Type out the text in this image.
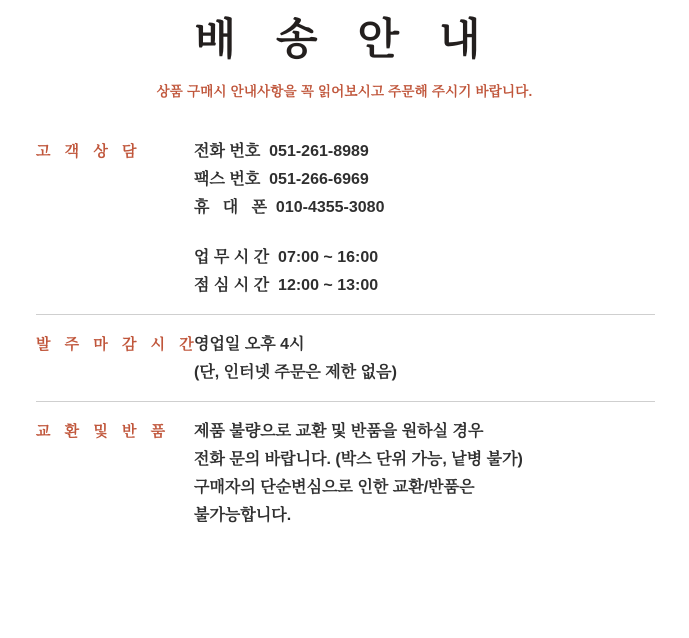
배 송 안 내
상품 구매시 안내사항을 꼭 읽어보시고 주문해 주시기 바랍니다.
고 객 상 담	전화 번호  051-261-8989
팩스 번호  051-266-6969
휴   대   폰  010-4355-3080
업 무 시 간  07:00 ~ 16:00
점 심 시 간  12:00 ~ 13:00
발 주 마 감 시 간
영업일 오후 4시
(단, 인터넷 주문은 제한 없음)
교 환 및 반 품	제품 불량으로 교환 및 반품을 원하실 경우
전화 문의 바랍니다. (박스 단위 가능, 낱병 불가)
구매자의 단순변심으로 인한 교환/반품은
불가능합니다.
